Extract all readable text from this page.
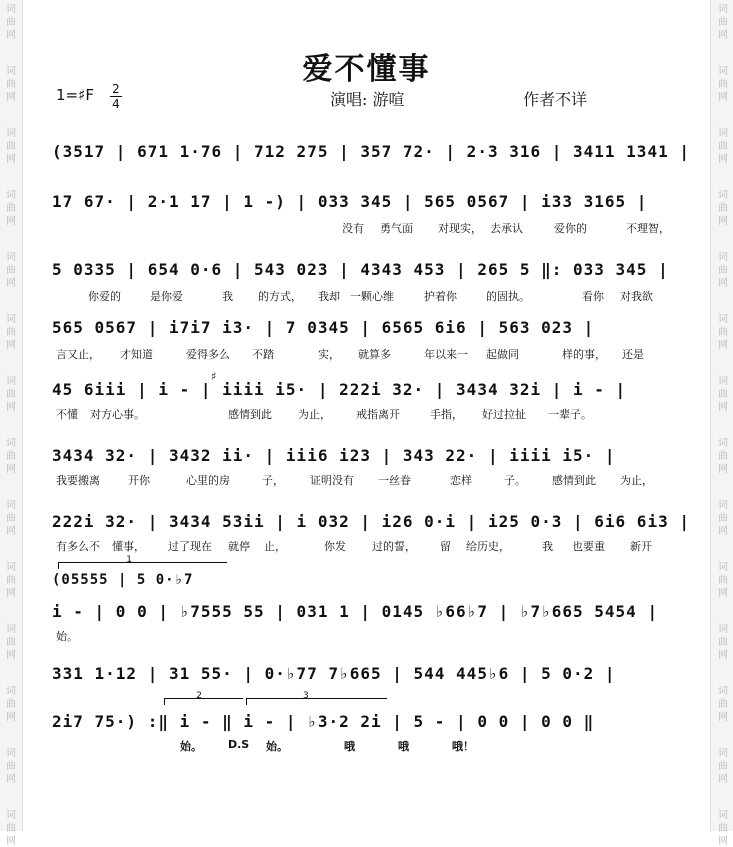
词
曲
网
词
曲
网
词
曲
网
词
曲
网
词
曲
网
词
曲
网
词
曲
网
词
曲
网
词
曲
网
词
曲
网
词
曲
网
词
曲
网
词
曲
网
词
曲
网
词
曲
网
词
曲
网
词
曲
网
词
曲
网
词
曲
网
词
曲
网
词
曲
网
词
曲
网
词
曲
网
词
曲
网
词
曲
网
词
曲
网
词
曲
网
词
曲
网
爱不懂事
1=♯F 2
4	演唱: 游喧	作者不详
(3517 | 671 1·76 | 712 275 | 357 72· | 2·3 316 | 3411 1341 |
17 67· | 2·1 17 | 1 -) | 033 345 | 565 0567 | i33 3165 |
没有 勇气面 对现实， 去承认	爱你的	不理智，
5 0335 | 654 0·6 | 543 023 | 4343 453 | 265 5 ‖: 033 345 |
你爱的	是你爱	我 的方式， 我却 一颗心维	护着你	的固执。	看你 对我欲
565 0567 | i7i7 i3· | 7 0345 | 6565 6i6 | 563 023 |
言又止， 才知道	爱得多么 不踏	实， 就算多	年以来一 起做同	样的事， 还是
♯
45 6iii | i - | iiii i5· | 222i 32· | 3434 32i | i - |
不懂 对方心事。	感情到此 为止， 戒指离开	手指， 好过拉扯 一辈子。
3434 32· | 3432 ii· | iii6 i23 | 343 22· | iiii i5· |
我要搬离	开你	心里的房	子， 证明没有 一丝眷	恋样	子。 感情到此 为止，
222i 32· | 3434 53ii | i 032 | i26 0·i | i25 0·3 | 6i6 6i3 |
有多么不 懂事， 过了现在 就停 止，	你发 过的誓， 留 给历史，	我 也要重 新开
1
(05555 | 5 0·♭7
i - | 0 0 | ♭7555 55 | 031 1 | 0145 ♭66♭7 | ♭7♭665 5454 |
始。
331 1·12 | 31 55· | 0·♭77 7♭665 | 544 445♭6 | 5 0·2 |
2	3
2i7 75·) :‖ i - ‖ i - | ♭3·2 2i | 5 - | 0 0 | 0 0 ‖
始。 D.S 始。	哦	哦	哦！
